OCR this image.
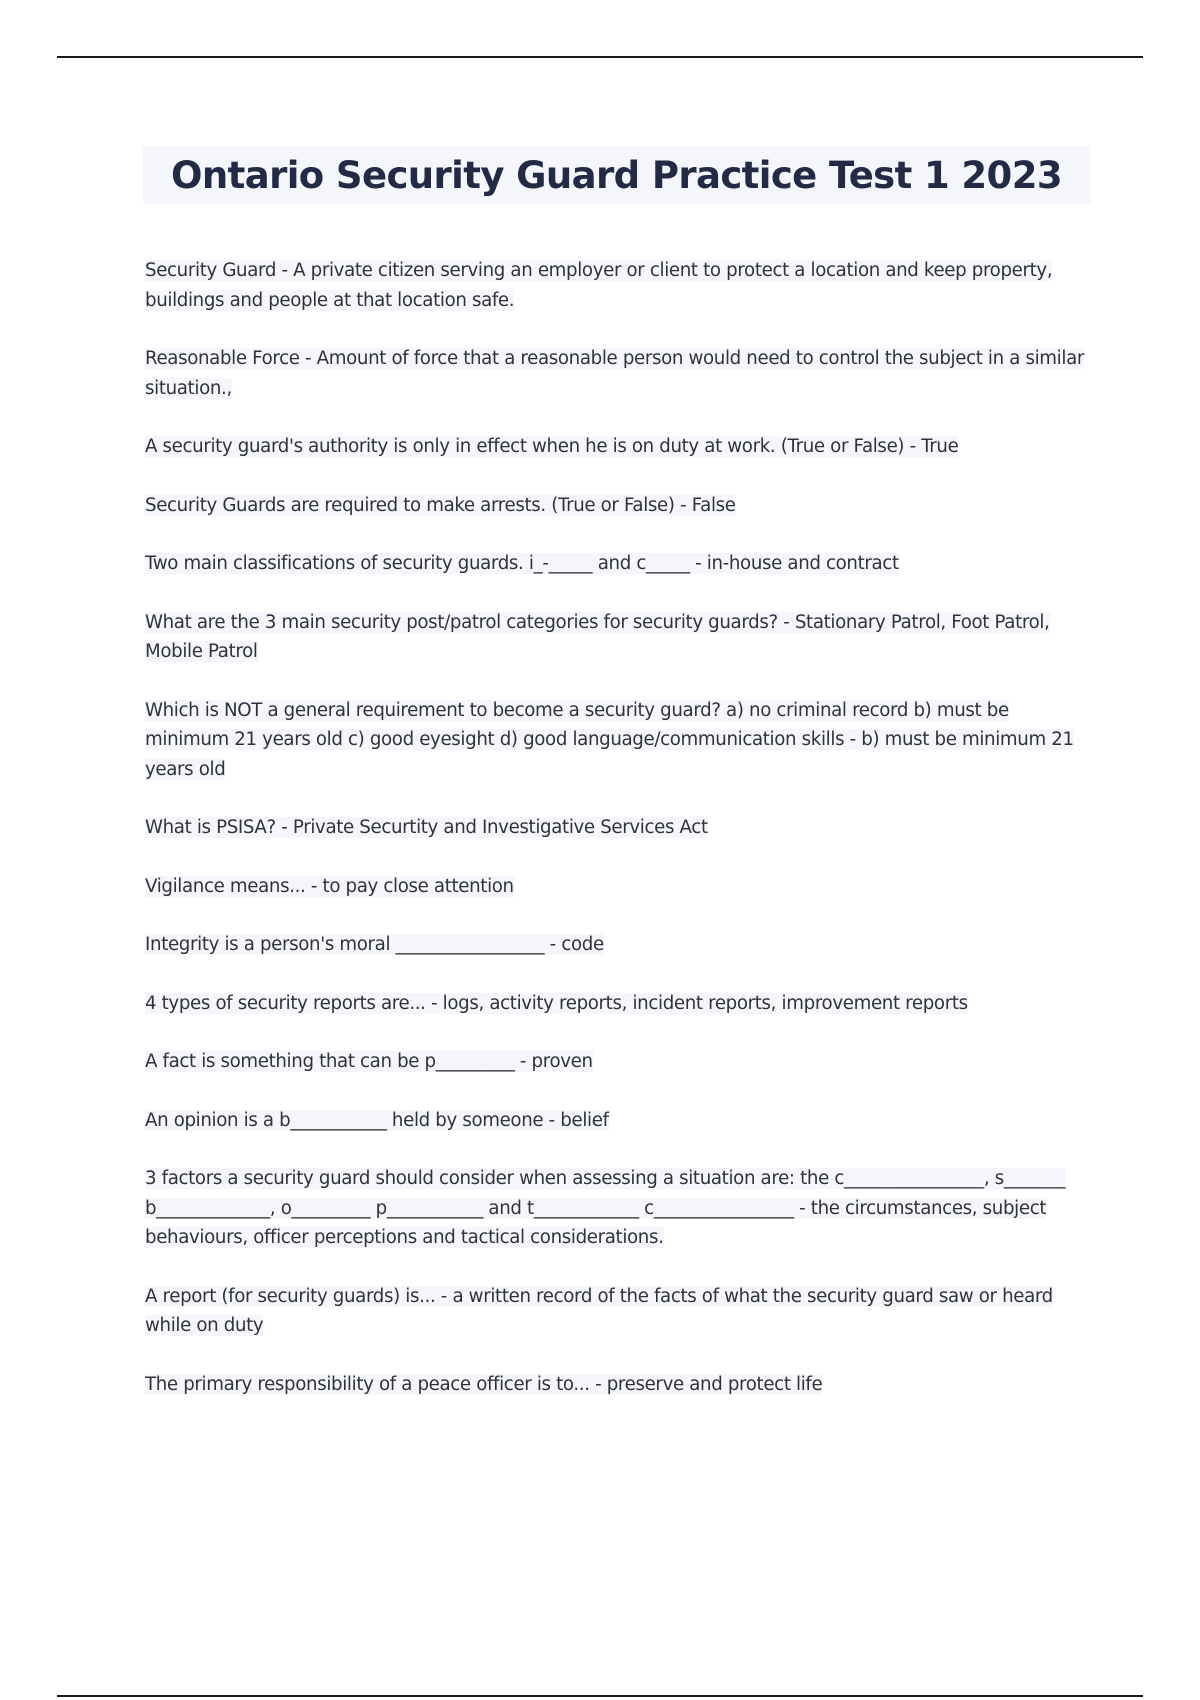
Ontario Security Guard Practice Test 1 2023

Security Guard - A private citizen serving an employer or client to protect a location and keep property, buildings and people at that location safe.

Reasonable Force - Amount of force that a reasonable person would need to control the subject in a similar situation.,

A security guard's authority is only in effect when he is on duty at work. (True or False) - True

Security Guards are required to make arrests. (True or False) - False

Two main classifications of security guards. i_-_____ and c_____ - in-house and contract

What are the 3 main security post/patrol categories for security guards? - Stationary Patrol, Foot Patrol, Mobile Patrol

Which is NOT a general requirement to become a security guard? a) no criminal record b) must be minimum 21 years old c) good eyesight d) good language/communication skills - b) must be minimum 21 years old

What is PSISA? - Private Securtity and Investigative Services Act

Vigilance means... - to pay close attention

Integrity is a person's moral _________________ - code

4 types of security reports are... - logs, activity reports, incident reports, improvement reports

A fact is something that can be p_________ - proven

An opinion is a b___________ held by someone - belief

3 factors a security guard should consider when assessing a situation are: the c________________, s_______ b_____________, o_________ p___________ and t____________ c________________ - the circumstances, subject behaviours, officer perceptions and tactical considerations.

A report (for security guards) is... - a written record of the facts of what the security guard saw or heard while on duty

The primary responsibility of a peace officer is to... - preserve and protect life
